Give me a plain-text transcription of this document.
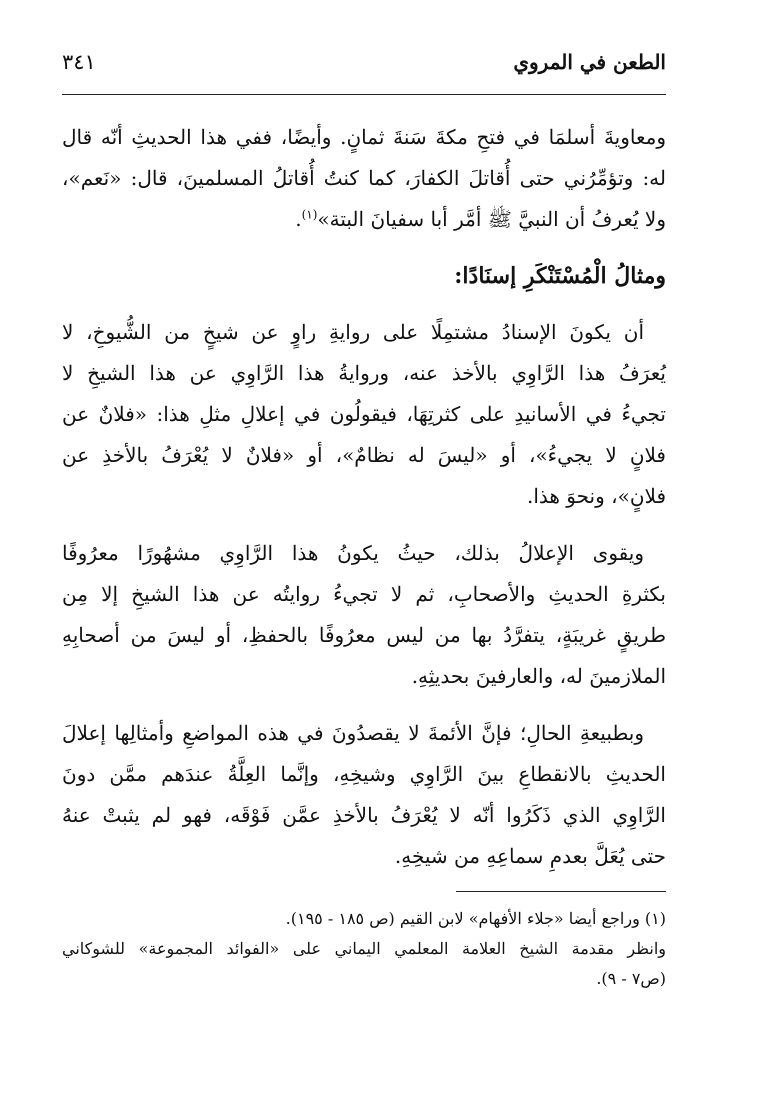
الطعن في المروي
٣٤١

ومعاويةَ أسلمَا في فتحِ مكةَ سَنةَ ثمانٍ. وأيضًا، ففي هذا الحديثِ أنّه قال
له: وتؤمِّرُني حتى أُقاتلَ الكفارَ، كما كنتُ أُقاتلُ المسلمينَ، قال: «نَعم»،
ولا يُعرفُ أن النبيَّ ﷺ أمَّر أبا سفيانَ البتة»$^{(١)}$.

ومثالُ الْمُسْتَنْكَرِ إسنَادًا:

أن يكونَ الإسنادُ مشتمِلًا على روايةِ راوٍ عن شيخٍ من الشُّيوخِ، لا
يُعرَفُ هذا الرَّاوِي بالأخذ عنه، وروايةُ هذا الرَّاوِي عن هذا الشيخِ لا
تجيءُ في الأسانيدِ على كثرتِهَا، فيقولُون في إعلالِ مثلِ هذا: «فلانٌ عن
فلانٍ لا يجيءُ»، أو «ليسَ له نظامٌ»، أو «فلانٌ لا يُعْرَفُ بالأخذِ عن
فلانٍ»، ونحوَ هذا.

ويقوى الإعلالُ بذلك، حيثُ يكونُ هذا الرَّاوِي مشهُورًا معرُوفًا
بكثرةِ الحديثِ والأصحابِ، ثم لا تجيءُ روايتُه عن هذا الشيخِ إلا مِن
طريقٍ غريبَةٍ، يتفرَّدُ بها من ليس معرُوفًا بالحفظِ، أو ليسَ من أصحابِهِ
الملازمينَ له، والعارفينَ بحديثِهِ.

وبطبيعةِ الحالِ؛ فإنَّ الأئمةَ لا يقصدُونَ في هذه المواضعِ وأمثالِها إعلالَ
الحديثِ بالانقطاعِ بينَ الرَّاوِي وشيخِهِ، وإنَّما العِلَّةُ عندَهم ممَّن دونَ
الرَّاوِي الذي ذَكَرُوا أنّه لا يُعْرَفُ بالأخذِ عمَّن فَوْقَه، فهو لم يثبتْ عنهُ
حتى يُعَلَّ بعدمِ سماعِهِ من شيخِهِ.

(١) وراجع أيضا «جلاء الأفهام» لابن القيم (ص ١٨٥ - ١٩٥).
وانظر مقدمة الشيخ العلامة المعلمي اليماني على «الفوائد المجموعة» للشوكاني
(ص٧ - ٩).
